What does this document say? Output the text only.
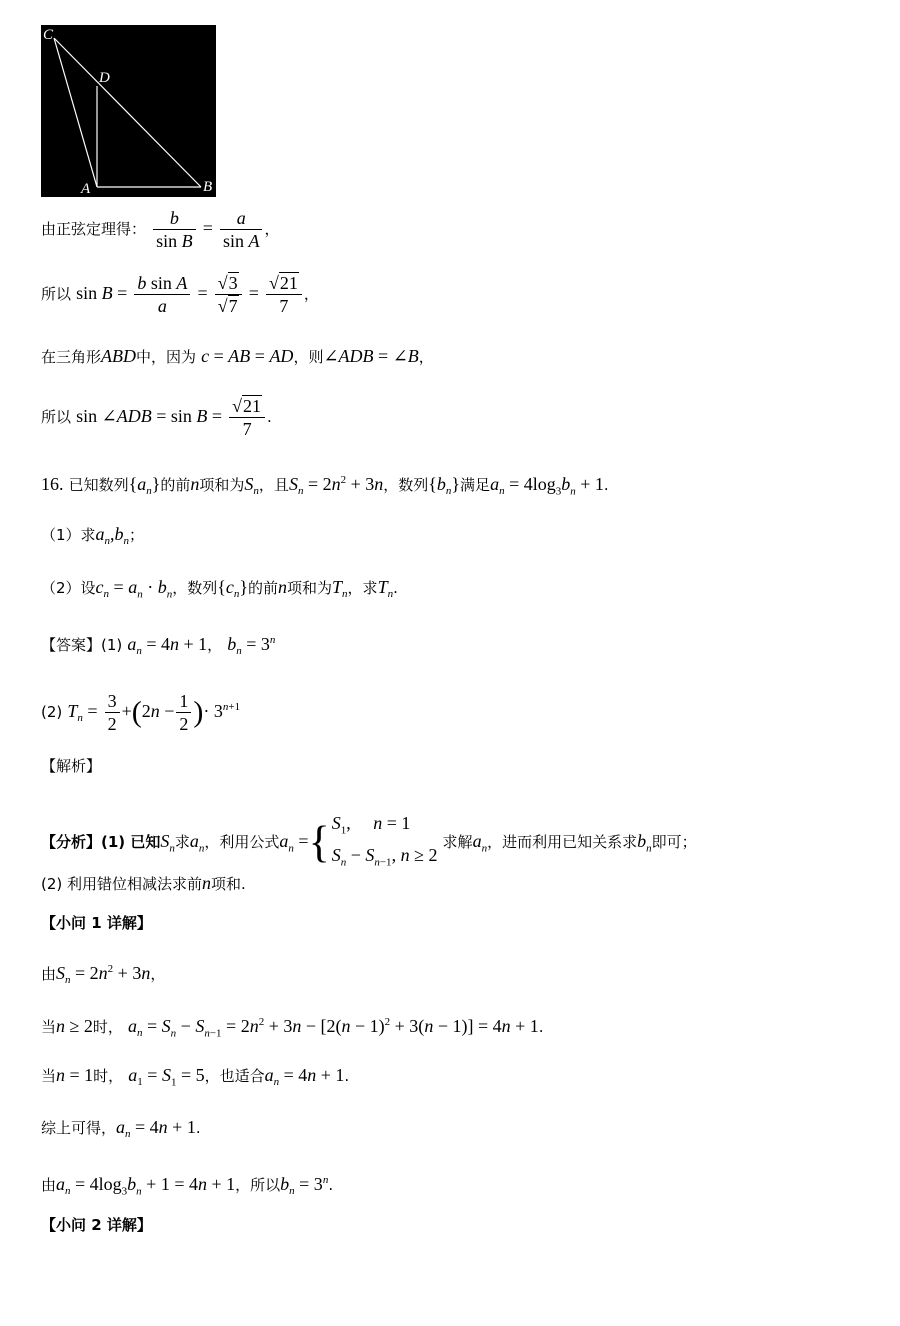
C
D
A	B
由正弦定理得： $\frac{b}{\text{sin B}} = \frac{a}{\text{sin A}}$ ，
所以 $\sin B = \frac{\text{b sin A}}{a} = \frac{√3}{√7} = \frac{√21}{7}$ ，
在三角形ABD中，因为 c = AB = AD，则∠ADB = ∠B，
所以 sin ∠ADB = $\sin B = \frac{√21}{7}$ .
16. 已知数列$\{a_n\}$的前n项和为$S_n$，且$S_n = 2n^2 + 3n$，数列$\{b_n\}$满足$a_n = 4\log_3b_n + 1$.
（1）求$a_n,b_n$；
（2）设$c_n = a_n \cdot b_n$，数列$\{c_n\}$的前n项和为$T_n$，求$T_n$.
【答案】(1) $a_n = 4n + 1$， $b_n = 3^n$
(2) $T_n = \frac{3}{2} +(2n - \frac{1}{2}$ )· $3^{n+1}$
【解析】
【分析】(1) 已知$S_n$求$a_n$，利用公式$a_n$ ={ $S_1$,     n = 1
$S_n - S_{n-1}$, n ≥ 2
求解$a_n$，进而利用已知关系求$b_n$即可；
(2) 利用错位相减法求前n项和.
【小问 1 详解】
由$S_n = 2n^2 + 3n$，
当n ≥ 2时， $a_n = S_n - S_{n-1} = 2n^2 + 3n - [2(n - 1)^2 + 3(n - 1)] = 4n + 1$.
当n = 1时， $a_1 = S_1 = 5$，也适合$a_n = 4n + 1$.
综上可得，$a_n = 4n + 1$.
由$a_n = 4\log_3b_n + 1 = 4n + 1$，所以$b_n = 3^n$.
【小问 2 详解】
